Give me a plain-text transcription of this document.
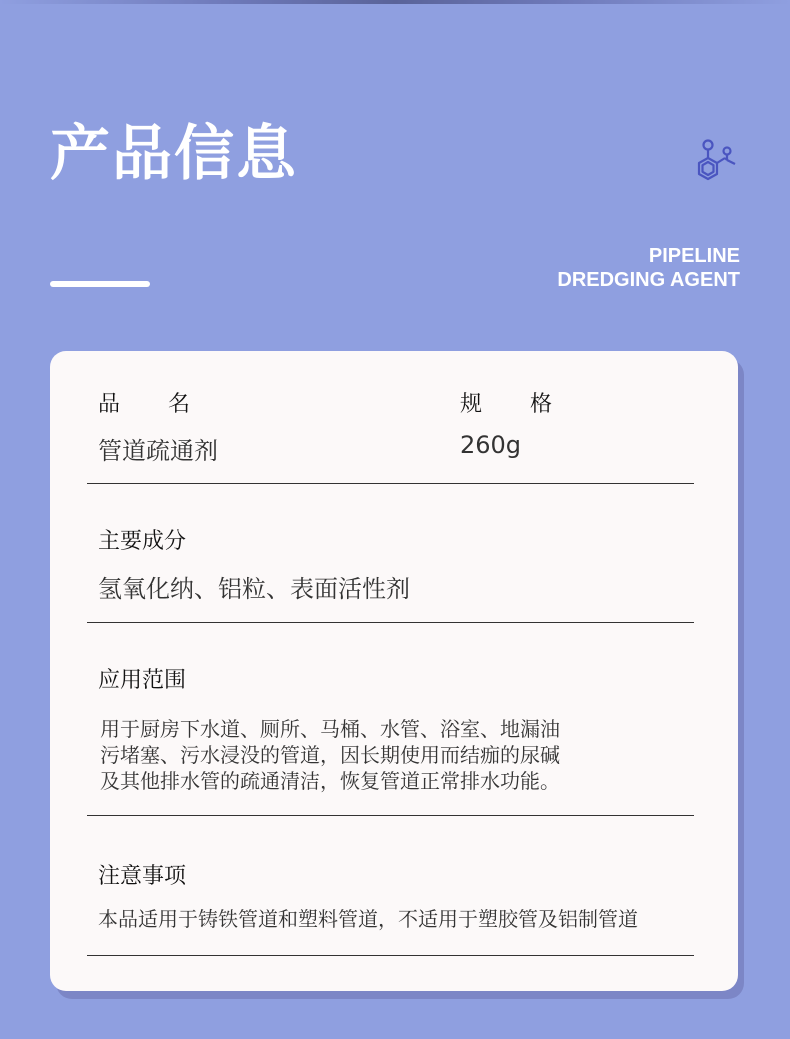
产品信息
PIPELINE
DREDGING AGENT
品名
管道疏通剂
规格
260g
主要成分
氢氧化纳、铝粒、表面活性剂
应用范围
用于厨房下水道、厕所、马桶、水管、浴室、地漏油
污堵塞、污水浸没的管道，因长期使用而结痂的尿碱
及其他排水管的疏通清洁，恢复管道正常排水功能。
注意事项
本品适用于铸铁管道和塑料管道，不适用于塑胶管及铝制管道
